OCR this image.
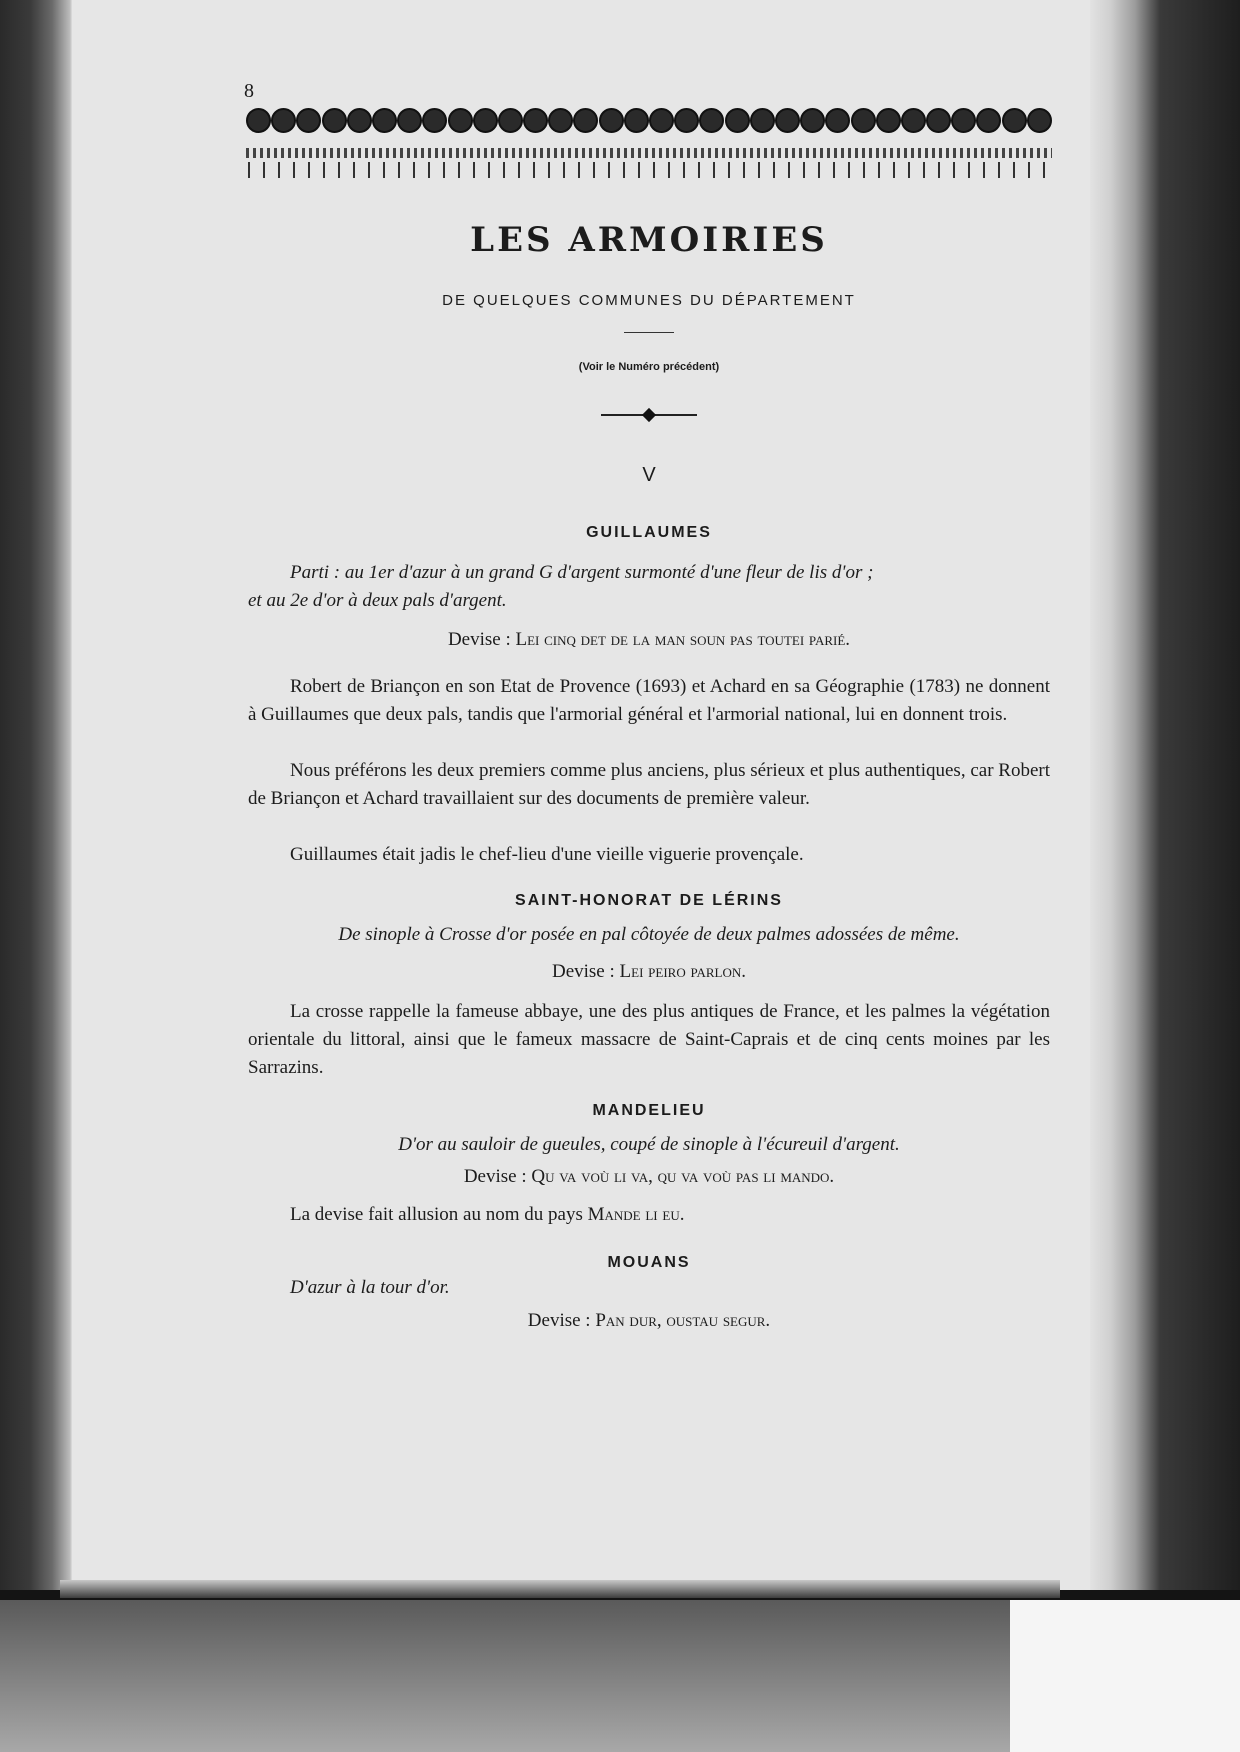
8
LES ARMOIRIES
DE QUELQUES COMMUNES DU DÉPARTEMENT
(Voir le Numéro précédent)
V
GUILLAUMES
Parti : au 1er d'azur à un grand G d'argent surmonté d'une fleur de lis d'or ;
et au 2e d'or à deux pals d'argent.
Devise : Lei cinq det de la man soun pas toutei parié.
Robert de Briançon en son Etat de Provence (1693) et Achard en sa Géographie (1783) ne donnent à Guillaumes que deux pals, tandis que l'armorial général et l'armorial national, lui en donnent trois.
Nous préférons les deux premiers comme plus anciens, plus sérieux et plus authentiques, car Robert de Briançon et Achard travaillaient sur des documents de première valeur.
Guillaumes était jadis le chef-lieu d'une vieille viguerie provençale.
SAINT-HONORAT DE LÉRINS
De sinople à Crosse d'or posée en pal côtoyée de deux palmes adossées de même.
Devise : Lei peiro parlon.
La crosse rappelle la fameuse abbaye, une des plus antiques de France, et les palmes la végétation orientale du littoral, ainsi que le fameux massacre de Saint-Caprais et de cinq cents moines par les Sarrazins.
MANDELIEU
D'or au sauloir de gueules, coupé de sinople à l'écureuil d'argent.
Devise : Qu va voù li va, qu va voù pas li mando.
La devise fait allusion au nom du pays Mande li eu.
MOUANS
D'azur à la tour d'or.
Devise : Pan dur, oustau segur.
